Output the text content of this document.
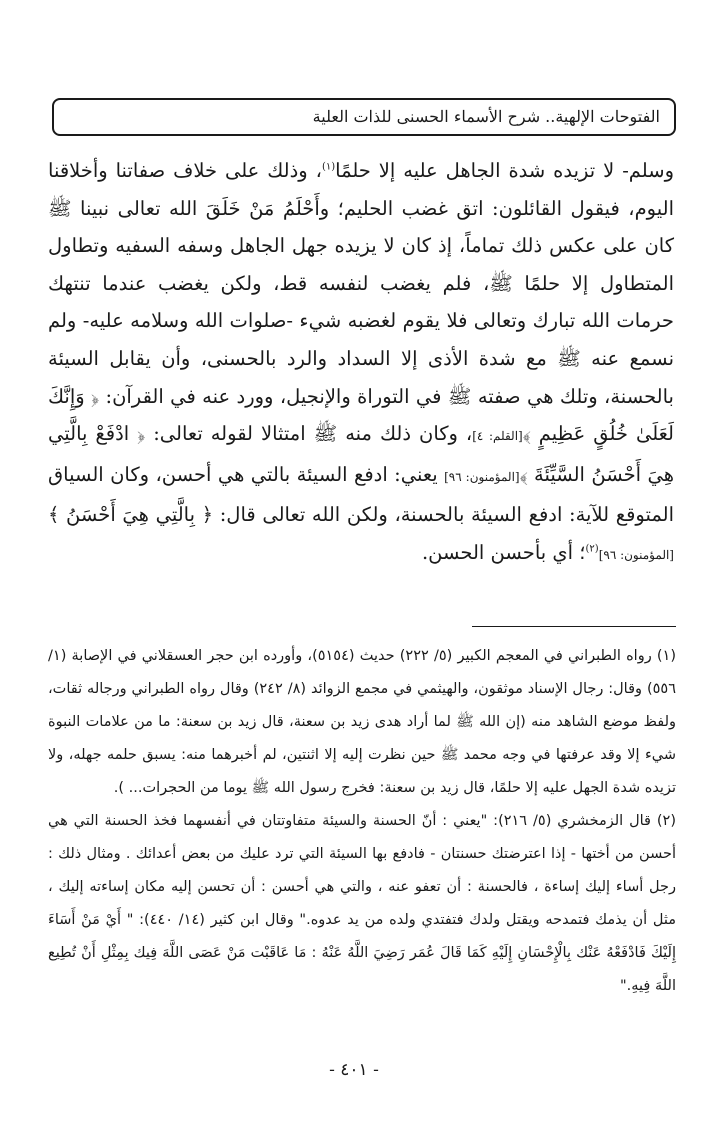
الفتوحات الإلهية.. شرح الأسماء الحسنى للذات العلية

وسلم- لا تزيده شدة الجاهل عليه إلا حلمًا$^{(١)}$، وذلك على خلاف صفاتنا وأخلاقنا اليوم، فيقول القائلون: اتق غضب الحليم؛ وأَحْلَمُ مَنْ خَلَقَ الله تعالى نبينا ﷺ كان على عكس ذلك تماماً، إذ كان لا يزيده جهل الجاهل وسفه السفيه وتطاول المتطاول إلا حلمًا ﷺ، فلم يغضب لنفسه قط، ولكن يغضب عندما تنتهك حرمات الله تبارك وتعالى فلا يقوم لغضبه شيء -صلوات الله وسلامه عليه- ولم نسمع عنه ﷺ مع شدة الأذى إلا السداد والرد بالحسنى، وأن يقابل السيئة بالحسنة، وتلك هي صفته ﷺ في التوراة والإنجيل، وورد عنه في القرآن: ﴿ وَإِنَّكَ لَعَلَىٰ خُلُقٍ عَظِيمٍ ﴾[القلم: ٤]، وكان ذلك منه ﷺ امتثالا لقوله تعالى: ﴿ ادْفَعْ بِالَّتِي هِيَ أَحْسَنُ السَّيِّئَةَ ﴾[المؤمنون: ٩٦] يعني: ادفع السيئة بالتي هي أحسن، وكان السياق المتوقع للآية: ادفع السيئة بالحسنة، ولكن الله تعالى قال: ﴿ بِالَّتِي هِيَ أَحْسَنُ ﴾[المؤمنون: ٩٦]$^{(٢)}$؛ أي بأحسن الحسن.

(١) رواه الطبراني في المعجم الكبير (٥/ ٢٢٢) حديث (٥١٥٤)، وأورده ابن حجر العسقلاني في الإصابة (١/ ٥٥٦) وقال: رجال الإسناد موثقون، والهيثمي في مجمع الزوائد (٨/ ٢٤٢) وقال رواه الطبراني ورجاله ثقات، ولفظ موضع الشاهد منه (إن الله ﷺ لما أراد هدى زيد بن سعنة، قال زيد بن سعنة: ما من علامات النبوة شيء إلا وقد عرفتها في وجه محمد ﷺ حين نظرت إليه إلا اثنتين، لم أخبرهما منه: يسبق حلمه جهله، ولا تزيده شدة الجهل عليه إلا حلمًا، قال زيد بن سعنة: فخرج رسول الله ﷺ يوما من الحجرات... ).

(٢) قال الزمخشري (٥/ ٢١٦): "يعني : أنّ الحسنة والسيئة متفاوتتان في أنفسهما فخذ الحسنة التي هي أحسن من أختها - إذا اعترضتك حسنتان - فادفع بها السيئة التي ترد عليك من بعض أعدائك . ومثال ذلك : رجل أساء إليك إساءة ، فالحسنة : أن تعفو عنه ، والتي هي أحسن : أن تحسن إليه مكان إساءته إليك ، مثل أن يذمك فتمدحه ويقتل ولدك فتفتدي ولده من يد عدوه." وقال ابن كثير (١٤/ ٤٤٠): " أَيْ مَنْ أَسَاءَ إِلَيْكَ فَادْفَعْهُ عَنْك بِالْإِحْسَانِ إِلَيْهِ كَمَا قَالَ عُمَر رَضِيَ اللَّهُ عَنْهُ : مَا عَاقَبْت مَنْ عَصَى اللَّهَ فِيك بِمِثْلِ أَنْ تُطِيع اللَّهَ فِيهِ."

- ٤٠١ -
